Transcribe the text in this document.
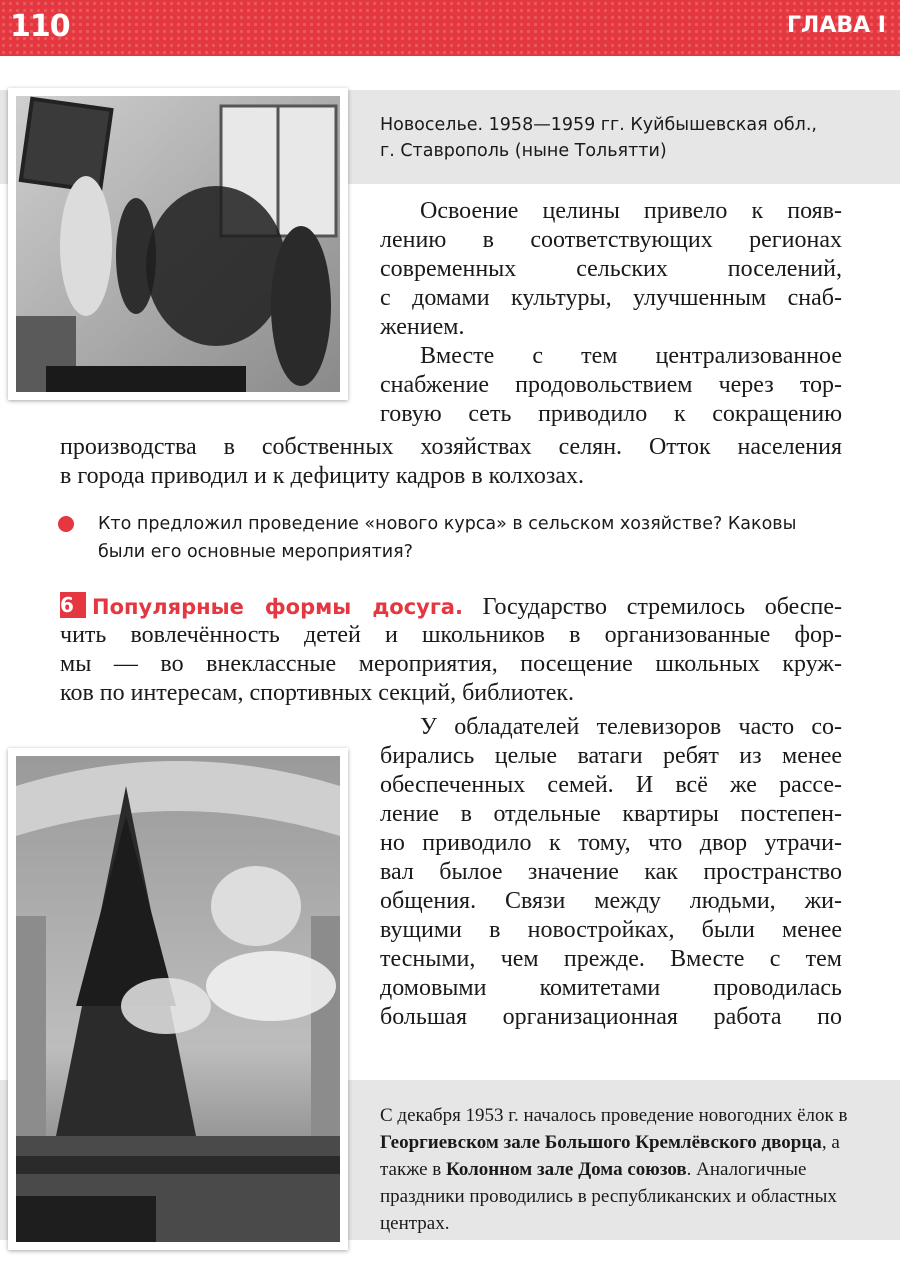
110	ГЛАВА I
Новоселье. 1958—1959 гг. Куйбышевская обл.,
г. Ставрополь (ныне Тольятти)
Освоение целины привело к появ-
лению в соответствующих регионах
современных сельских поселений,
с домами культуры, улучшенным снаб-
жением.
Вместе с тем централизованное
снабжение продовольствием через тор-
говую сеть приводило к сокращению
производства в собственных хозяйствах селян. Отток населения
в города приводил и к дефициту кадров в колхозах.
Кто предложил проведение «нового курса» в сельском хозяйстве? Каковы
были его основные мероприятия?
6 Популярные формы досуга. Государство стремилось обеспе-
чить вовлечённость детей и школьников в организованные фор-
мы — во внеклассные мероприятия, посещение школьных круж-
ков по интересам, спортивных секций, библиотек.
У обладателей телевизоров часто со-
бирались целые ватаги ребят из менее
обеспеченных семей. И всё же рассе-
ление в отдельные квартиры постепен-
но приводило к тому, что двор утрачи-
вал былое значение как пространство
общения. Связи между людьми, жи-
вущими в новостройках, были менее
тесными, чем прежде. Вместе с тем
домовыми комитетами проводилась
большая организационная работа по
С декабря 1953 г. началось проведение новогодних ёлок в Георгиевском зале Большого Кремлёвского дворца, а также в Колонном зале Дома союзов. Аналогичные праздники проводились в республиканских и областных центрах.
